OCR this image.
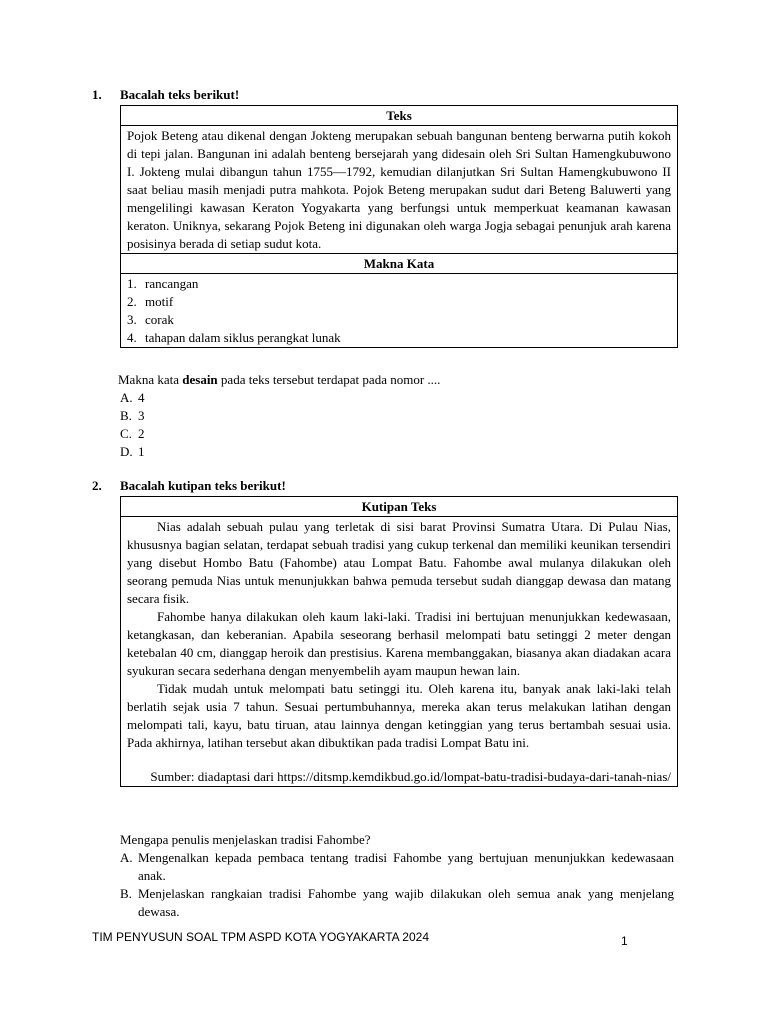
1. Bacalah teks berikut!
Teks
Pojok Beteng atau dikenal dengan Jokteng merupakan sebuah bangunan benteng berwarna putih kokoh di tepi jalan. Bangunan ini adalah benteng bersejarah yang didesain oleh Sri Sultan Hamengkubuwono I. Jokteng mulai dibangun tahun 1755—1792, kemudian dilanjutkan Sri Sultan Hamengkubuwono II saat beliau masih menjadi putra mahkota. Pojok Beteng merupakan sudut dari Beteng Baluwerti yang mengelilingi kawasan Keraton Yogyakarta yang berfungsi untuk memperkuat keamanan kawasan keraton. Uniknya, sekarang Pojok Beteng ini digunakan oleh warga Jogja sebagai penunjuk arah karena posisinya berada di setiap sudut kota.
Makna Kata

1. rancangan
2. motif
3. corak
4. tahapan dalam siklus perangkat lunak
Makna kata desain pada teks tersebut terdapat pada nomor ....
A. 4
B. 3
C. 2
D. 1
2. Bacalah kutipan teks berikut!
Kutipan Teks

Nias adalah sebuah pulau yang terletak di sisi barat Provinsi Sumatra Utara. Di Pulau Nias, khususnya bagian selatan, terdapat sebuah tradisi yang cukup terkenal dan memiliki keunikan tersendiri yang disebut Hombo Batu (Fahombe) atau Lompat Batu. Fahombe awal mulanya dilakukan oleh seorang pemuda Nias untuk menunjukkan bahwa pemuda tersebut sudah dianggap dewasa dan matang secara fisik.
Fahombe hanya dilakukan oleh kaum laki-laki. Tradisi ini bertujuan menunjukkan kedewasaan, ketangkasan, dan keberanian. Apabila seseorang berhasil melompati batu setinggi 2 meter dengan ketebalan 40 cm, dianggap heroik dan prestisius. Karena membanggakan, biasanya akan diadakan acara syukuran secara sederhana dengan menyembelih ayam maupun hewan lain.
Tidak mudah untuk melompati batu setinggi itu. Oleh karena itu, banyak anak laki-laki telah berlatih sejak usia 7 tahun. Sesuai pertumbuhannya, mereka akan terus melakukan latihan dengan melompati tali, kayu, batu tiruan, atau lainnya dengan ketinggian yang terus bertambah sesuai usia. Pada akhirnya, latihan tersebut akan dibuktikan pada tradisi Lompat Batu ini.
Sumber: diadaptasi dari https://ditsmp.kemdikbud.go.id/lompat-batu-tradisi-budaya-dari-tanah-nias/
Mengapa penulis menjelaskan tradisi Fahombe?
A. Mengenalkan kepada pembaca tentang tradisi Fahombe yang bertujuan menunjukkan kedewasaan anak.
B. Menjelaskan rangkaian tradisi Fahombe yang wajib dilakukan oleh semua anak yang menjelang dewasa.
TIM PENYUSUN SOAL TPM ASPD KOTA YOGYAKARTA 2024	1
